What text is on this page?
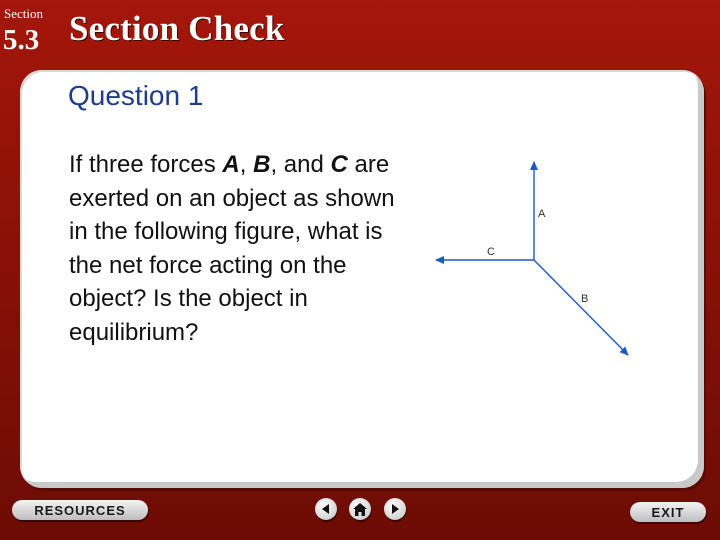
Section
5.3 Section Check
Question 1
If three forces A, B, and C are exerted on an object as shown in the following figure, what is the net force acting on the object? Is the object in equilibrium?
A
C
B
RESOURCES	EXIT
